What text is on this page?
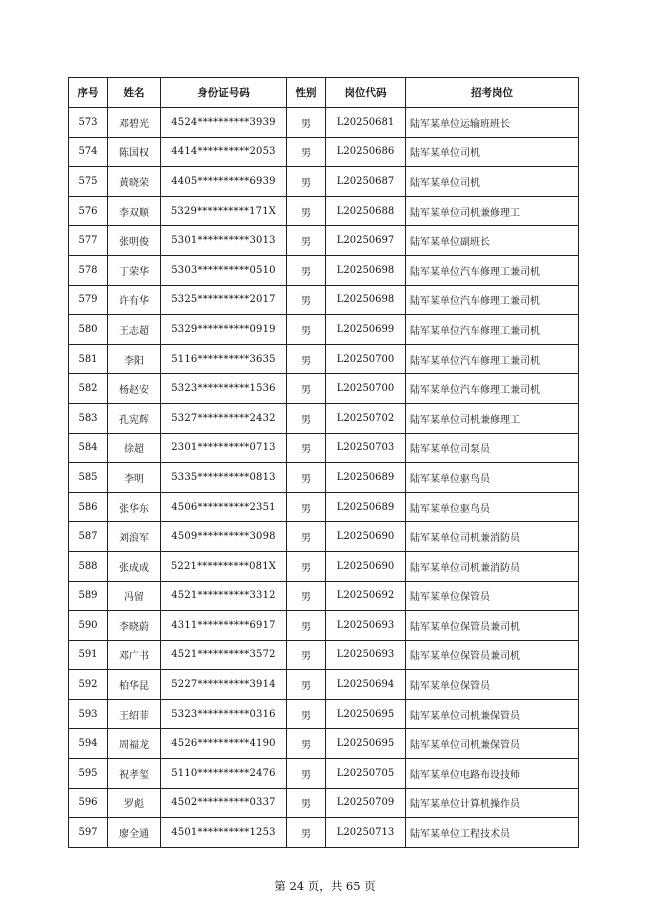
序号	姓名	身份证号码	性别	岗位代码	招考岗位
573	邓碧光	4524**********3939	男	L20250681	陆军某单位运输班班长
574	陈国权	4414**********2053	男	L20250686	陆军某单位司机
575	黄晓荣	4405**********6939	男	L20250687	陆军某单位司机
576	李双顺	5329**********171X	男	L20250688	陆军某单位司机兼修理工
577	张明俊	5301**********3013	男	L20250697	陆军某单位副班长
578	丁荣华	5303**********0510	男	L20250698	陆军某单位汽车修理工兼司机
579	许有华	5325**********2017	男	L20250698	陆军某单位汽车修理工兼司机
580	王志超	5329**********0919	男	L20250699	陆军某单位汽车修理工兼司机
581	李阳	5116**********3635	男	L20250700	陆军某单位汽车修理工兼司机
582	杨赵安	5323**********1536	男	L20250700	陆军某单位汽车修理工兼司机
583	孔宪辉	5327**********2432	男	L20250702	陆军某单位司机兼修理工
584	徐超	2301**********0713	男	L20250703	陆军某单位司泵员
585	李明	5335**********0813	男	L20250689	陆军某单位驱鸟员
586	张华东	4506**********2351	男	L20250689	陆军某单位驱鸟员
587	刘浪军	4509**********3098	男	L20250690	陆军某单位司机兼消防员
588	张成成	5221**********081X	男	L20250690	陆军某单位司机兼消防员
589	冯留	4521**********3312	男	L20250692	陆军某单位保管员
590	李晓蔚	4311**********6917	男	L20250693	陆军某单位保管员兼司机
591	邓广书	4521**********3572	男	L20250693	陆军某单位保管员兼司机
592	柏华昆	5227**********3914	男	L20250694	陆军某单位保管员
593	王绍菲	5323**********0316	男	L20250695	陆军某单位司机兼保管员
594	周福龙	4526**********4190	男	L20250695	陆军某单位司机兼保管员
595	祝孝玺	5110**********2476	男	L20250705	陆军某单位电路布设技师
596	罗彪	4502**********0337	男	L20250709	陆军某单位计算机操作员
597	廖全通	4501**********1253	男	L20250713	陆军某单位工程技术员
第 24 页，共 65 页
